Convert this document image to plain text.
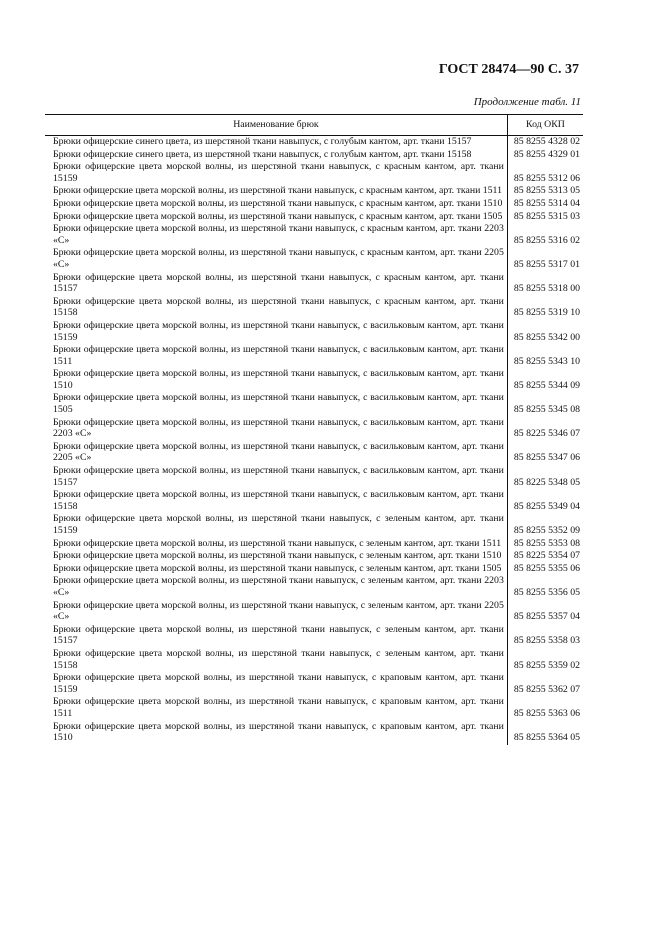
ГОСТ 28474—90 С. 37
Продолжение табл. 11
Наименование брюк	Код ОКП
Брюки офицерские синего цвета, из шерстяной ткани навыпуск, с голубым кантом, арт. ткани 15157	85 8255 4328 02
Брюки офицерские синего цвета, из шерстяной ткани навыпуск, с голубым кантом, арт. ткани 15158	85 8255 4329 01
Брюки офицерские цвета морской волны, из шерстяной ткани навыпуск, с красным кантом, арт. ткани 15159	85 8255 5312 06
Брюки офицерские цвета морской волны, из шерстяной ткани навыпуск, с красным кантом, арт. ткани 1511	85 8255 5313 05
Брюки офицерские цвета морской волны, из шерстяной ткани навыпуск, с красным кантом, арт. ткани 1510	85 8255 5314 04
Брюки офицерские цвета морской волны, из шерстяной ткани навыпуск, с красным кантом, арт. ткани 1505	85 8255 5315 03
Брюки офицерские цвета морской волны, из шерстяной ткани навыпуск, с красным кантом, арт. ткани 2203 «С»	85 8255 5316 02
Брюки офицерские цвета морской волны, из шерстяной ткани навыпуск, с красным кантом, арт. ткани 2205 «С»	85 8255 5317 01
Брюки офицерские цвета морской волны, из шерстяной ткани навыпуск, с красным кантом, арт. ткани 15157	85 8255 5318 00
Брюки офицерские цвета морской волны, из шерстяной ткани навыпуск, с красным кантом, арт. ткани 15158	85 8255 5319 10
Брюки офицерские цвета морской волны, из шерстяной ткани навыпуск, с васильковым кантом, арт. ткани 15159	85 8255 5342 00
Брюки офицерские цвета морской волны, из шерстяной ткани навыпуск, с васильковым кантом, арт. ткани 1511	85 8255 5343 10
Брюки офицерские цвета морской волны, из шерстяной ткани навыпуск, с васильковым кантом, арт. ткани 1510	85 8255 5344 09
Брюки офицерские цвета морской волны, из шерстяной ткани навыпуск, с васильковым кантом, арт. ткани 1505	85 8255 5345 08
Брюки офицерские цвета морской волны, из шерстяной ткани навыпуск, с васильковым кантом, арт. ткани 2203 «С»	85 8225 5346 07
Брюки офицерские цвета морской волны, из шерстяной ткани навыпуск, с васильковым кантом, арт. ткани 2205 «С»	85 8255 5347 06
Брюки офицерские цвета морской волны, из шерстяной ткани навыпуск, с васильковым кантом, арт. ткани 15157	85 8225 5348 05
Брюки офицерские цвета морской волны, из шерстяной ткани навыпуск, с васильковым кантом, арт. ткани 15158	85 8255 5349 04
Брюки офицерские цвета морской волны, из шерстяной ткани навыпуск, с зеленым кантом, арт. ткани 15159	85 8255 5352 09
Брюки офицерские цвета морской волны, из шерстяной ткани навыпуск, с зеленым кантом, арт. ткани 1511	85 8255 5353 08
Брюки офицерские цвета морской волны, из шерстяной ткани навыпуск, с зеленым кантом, арт. ткани 1510	85 8225 5354 07
Брюки офицерские цвета морской волны, из шерстяной ткани навыпуск, с зеленым кантом, арт. ткани 1505	85 8255 5355 06
Брюки офицерские цвета морской волны, из шерстяной ткани навыпуск, с зеленым кантом, арт. ткани 2203 «С»	85 8255 5356 05
Брюки офицерские цвета морской волны, из шерстяной ткани навыпуск, с зеленым кантом, арт. ткани 2205 «С»	85 8255 5357 04
Брюки офицерские цвета морской волны, из шерстяной ткани навыпуск, с зеленым кантом, арт. ткани 15157	85 8255 5358 03
Брюки офицерские цвета морской волны, из шерстяной ткани навыпуск, с зеленым кантом, арт. ткани 15158	85 8255 5359 02
Брюки офицерские цвета морской волны, из шерстяной ткани навыпуск, с крaповым кантом, арт. ткани 15159	85 8255 5362 07
Брюки офицерские цвета морской волны, из шерстяной ткани навыпуск, с крaповым кантом, арт. ткани 1511	85 8255 5363 06
Брюки офицерские цвета морской волны, из шерстяной ткани навыпуск, с краповым кантом, арт. ткани 1510	85 8255 5364 05
